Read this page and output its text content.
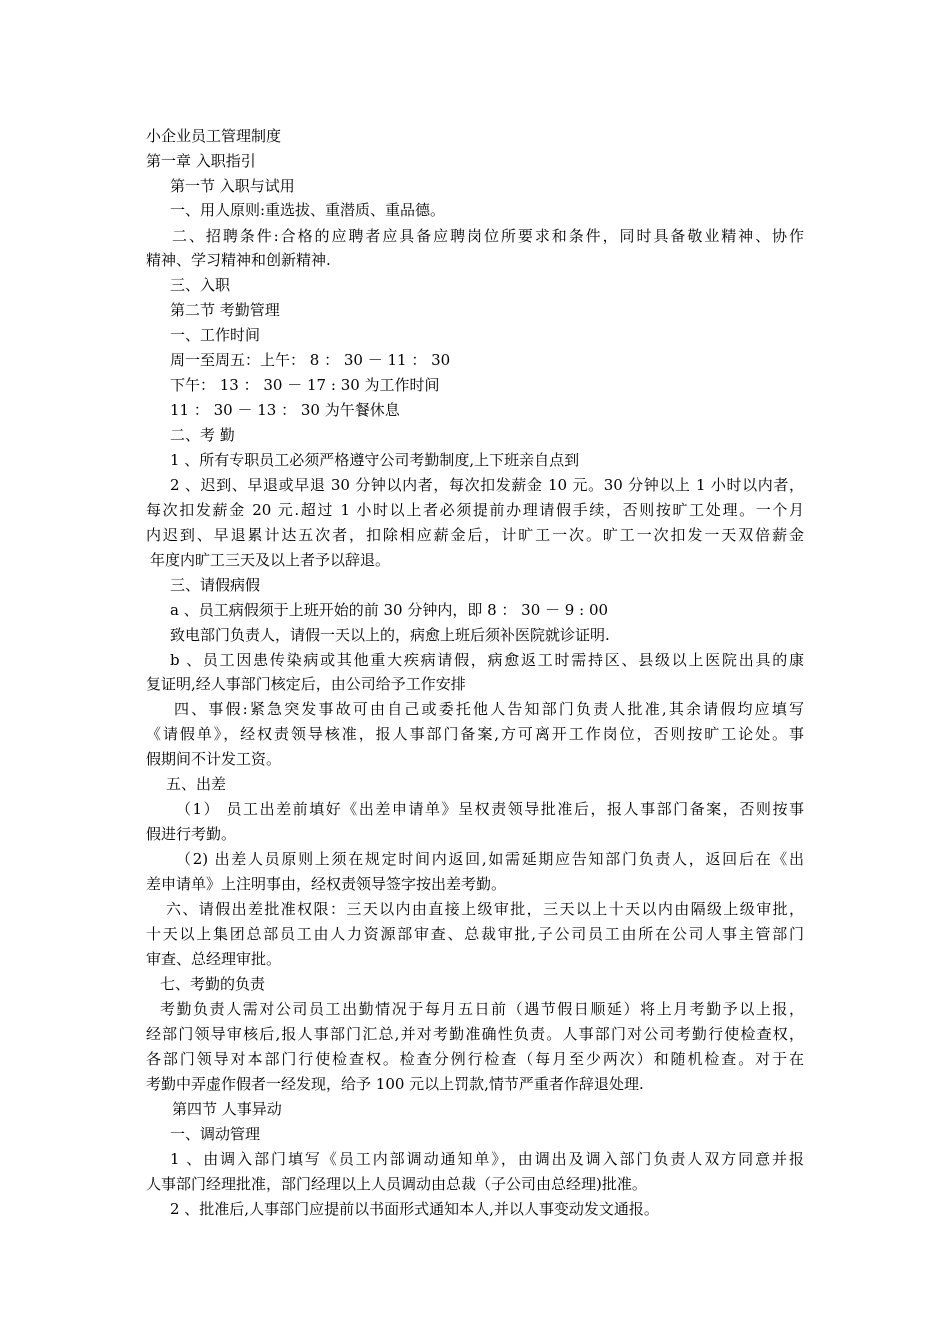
小企业员工管理制度
第一章 入职指引
第一节 入职与试用
一、用人原则:重选拔、重潜质、重品德。
二、招聘条件:合格的应聘者应具备应聘岗位所要求和条件，同时具备敬业精神、协作
精神、学习精神和创新精神.
三、入职
第二节 考勤管理
一、工作时间
周一至周五：上午： 8 ： 30 － 11 ： 30
下午： 13 ： 30 － 17 : 30 为工作时间
11 ： 30 － 13 ： 30 为午餐休息
二、考 勤
1 、所有专职员工必须严格遵守公司考勤制度,上下班亲自点到
2 、迟到、早退或早退 30 分钟以内者，每次扣发薪金 10 元。30 分钟以上 1 小时以内者，
每次扣发薪金 20 元.超过 1 小时以上者必须提前办理请假手续，否则按旷工处理。一个月
内迟到、早退累计达五次者，扣除相应薪金后，计旷工一次。旷工一次扣发一天双倍薪金
年度内旷工三天及以上者予以辞退。
三、请假病假
a 、员工病假须于上班开始的前 30 分钟内，即 8 ： 30 － 9 : 00
致电部门负责人，请假一天以上的，病愈上班后须补医院就诊证明.
b 、员工因患传染病或其他重大疾病请假，病愈返工时需持区、县级以上医院出具的康
复证明,经人事部门核定后，由公司给予工作安排
四、事假:紧急突发事故可由自己或委托他人告知部门负责人批准,其余请假均应填写
《请假单》，经权责领导核准，报人事部门备案,方可离开工作岗位，否则按旷工论处。事
假期间不计发工资。
五、出差
（1） 员工出差前填好《出差申请单》呈权责领导批准后，报人事部门备案，否则按事
假进行考勤。
（2) 出差人员原则上须在规定时间内返回,如需延期应告知部门负责人，返回后在《出
差申请单》上注明事由，经权责领导签字按出差考勤。
六、请假出差批准权限：三天以内由直接上级审批，三天以上十天以内由隔级上级审批，
十天以上集团总部员工由人力资源部审查、总裁审批,子公司员工由所在公司人事主管部门
审查、总经理审批。
七、考勤的负责
考勤负责人需对公司员工出勤情况于每月五日前（遇节假日顺延）将上月考勤予以上报，
经部门领导审核后,报人事部门汇总,并对考勤准确性负责。人事部门对公司考勤行使检查权，
各部门领导对本部门行使检查权。检查分例行检查（每月至少两次）和随机检查。对于在
考勤中弄虚作假者一经发现，给予 100 元以上罚款,情节严重者作辞退处理.
第四节 人事异动
一、调动管理
1 、由调入部门填写《员工内部调动通知单》，由调出及调入部门负责人双方同意并报
人事部门经理批准，部门经理以上人员调动由总裁（子公司由总经理)批准。
2 、批准后,人事部门应提前以书面形式通知本人,并以人事变动发文通报。
